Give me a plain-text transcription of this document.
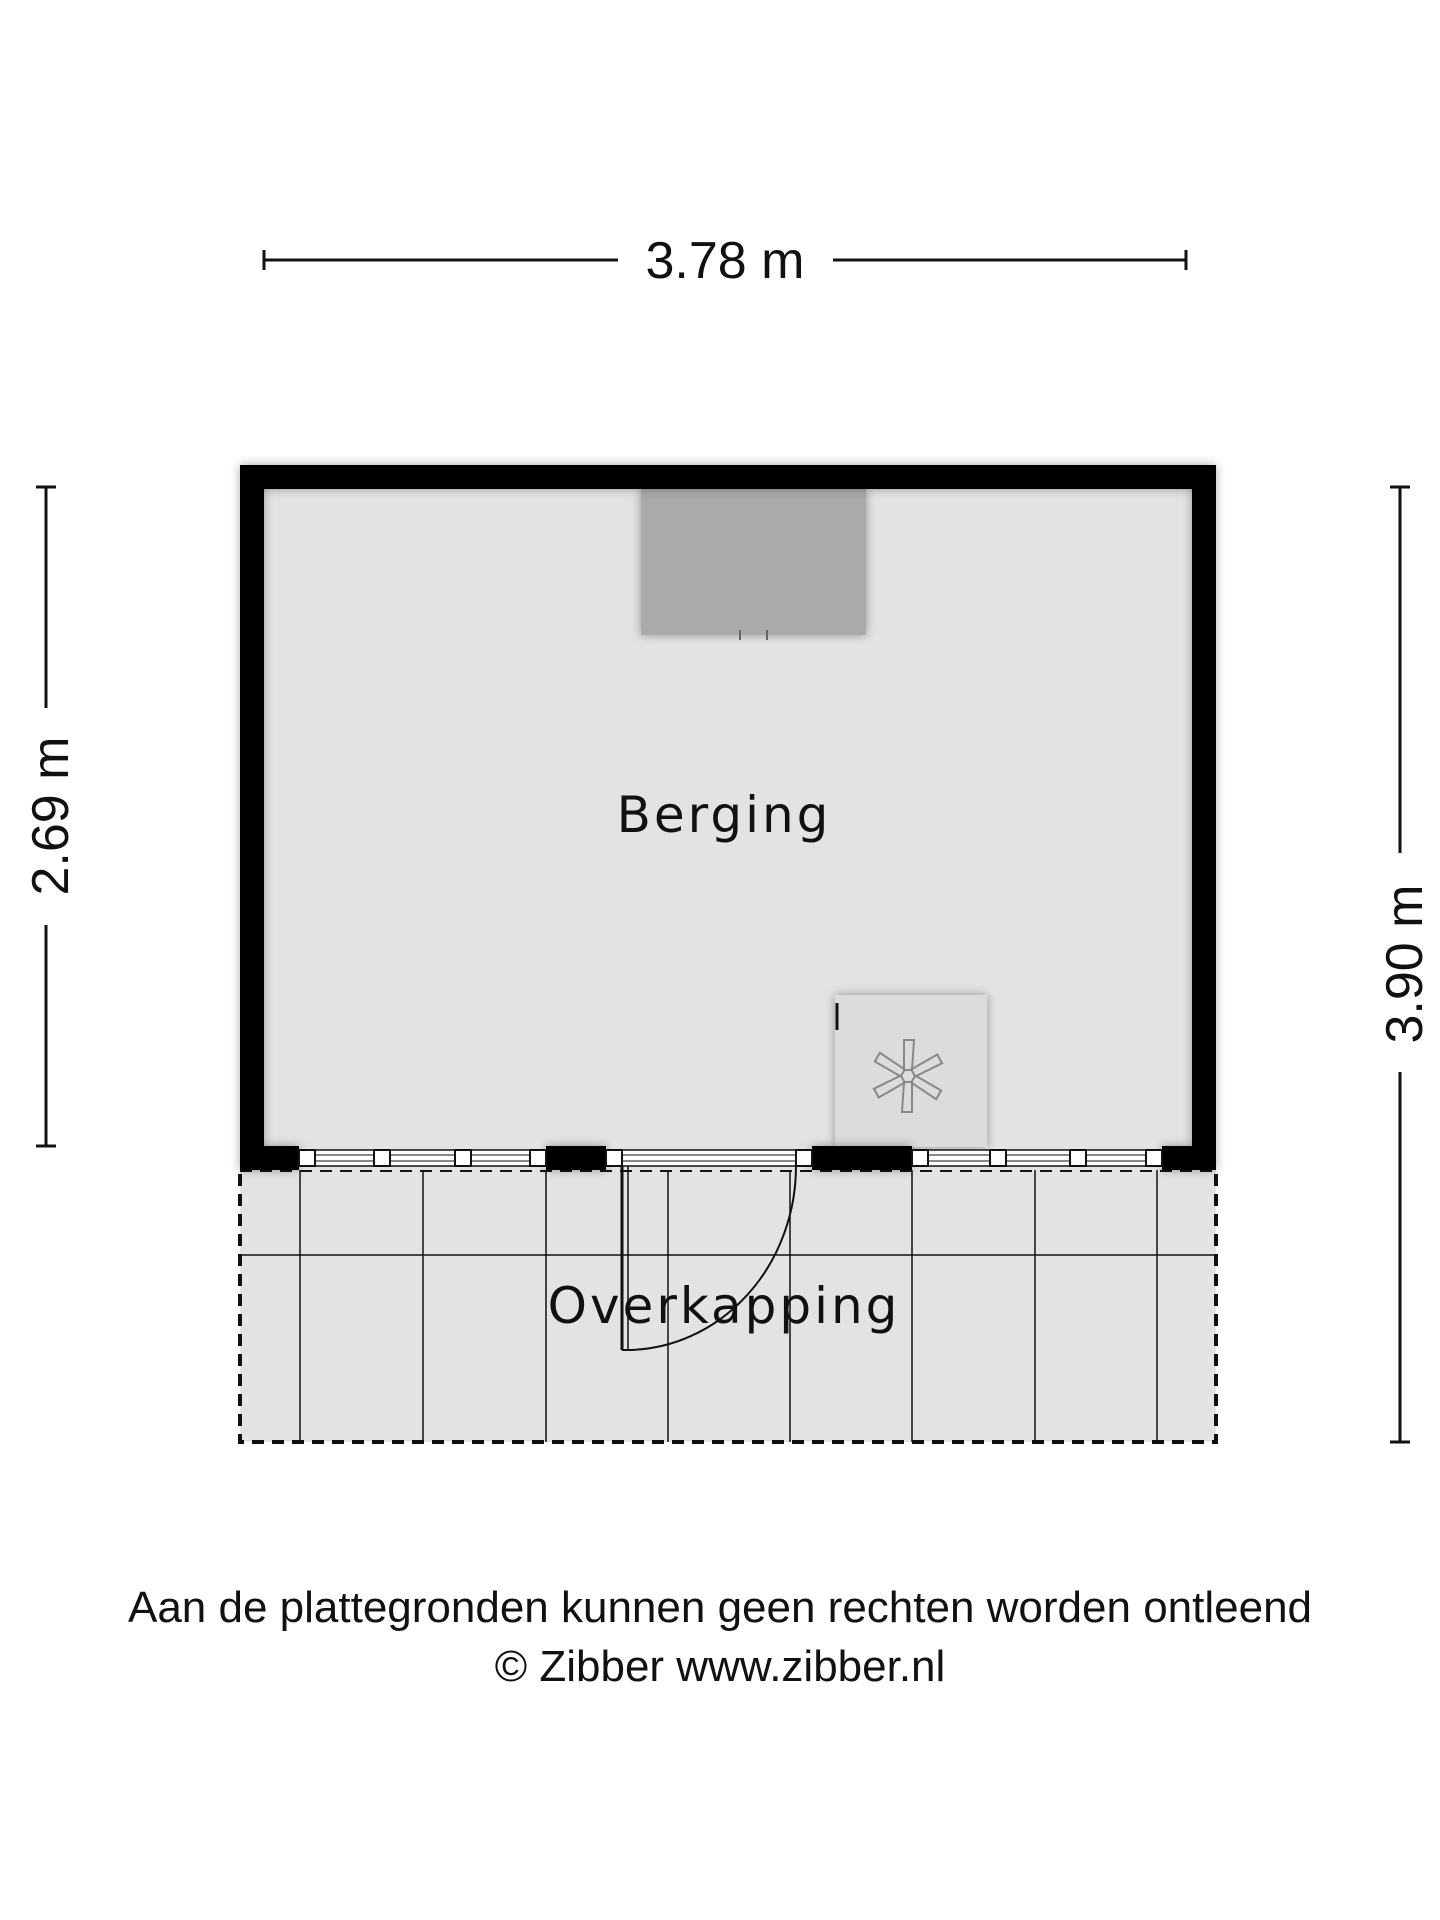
3.78 m
2.69 m
3.90 m
Berging
Overkapping
Aan de plattegronden kunnen geen rechten worden ontleend
© Zibber www.zibber.nl
